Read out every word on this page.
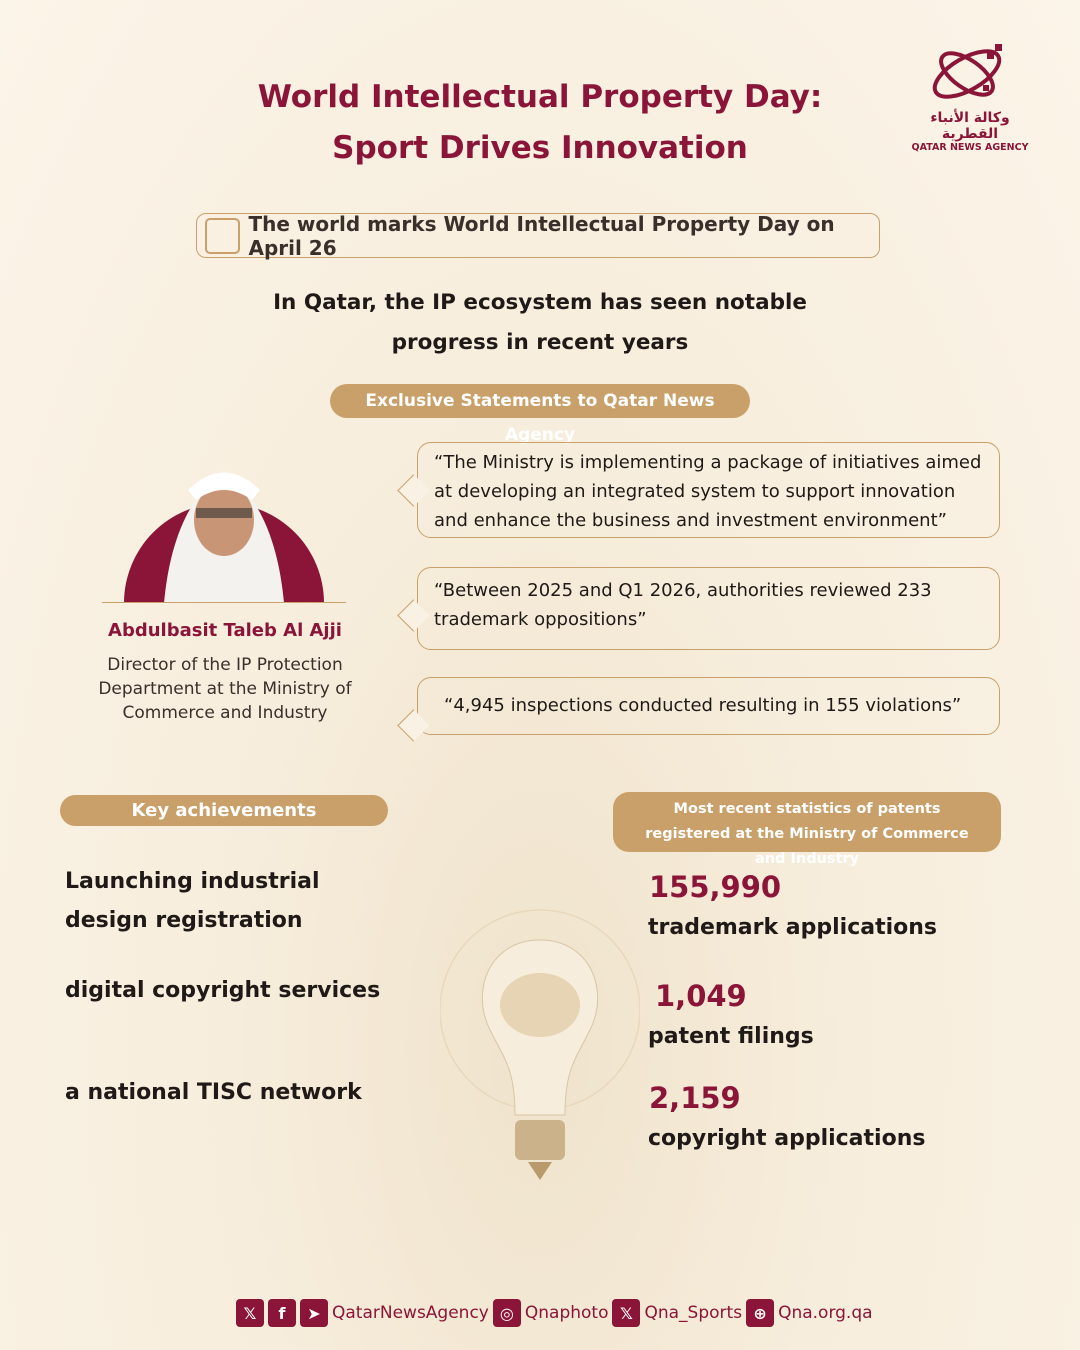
World Intellectual Property Day:
Sport Drives Innovation
وكالة الأنباء القطرية
QATAR NEWS AGENCY
The world marks World Intellectual Property Day on April 26
In Qatar, the IP ecosystem has seen notable
progress in recent years
Exclusive Statements to Qatar News Agency
Abdulbasit Taleb Al Ajji
Director of the IP Protection Department at the Ministry of Commerce and Industry
“The Ministry is implementing a package of initiatives aimed at developing an integrated system to support innovation and enhance the business and investment environment”
“Between 2025 and Q1 2026, authorities reviewed 233 trademark oppositions”
“4,945 inspections conducted resulting in 155 violations”
Key achievements
Launching industrial design registration
digital copyright services
a national TISC network
Most recent statistics of patents registered at the Ministry of Commerce and Industry
155,990
trademark applications
1,049
patent filings
2,159
copyright applications
𝕏	f	➤ QatarNewsAgency ◎ Qnaphoto 𝕏 Qna_Sports ⊕ Qna.org.qa
